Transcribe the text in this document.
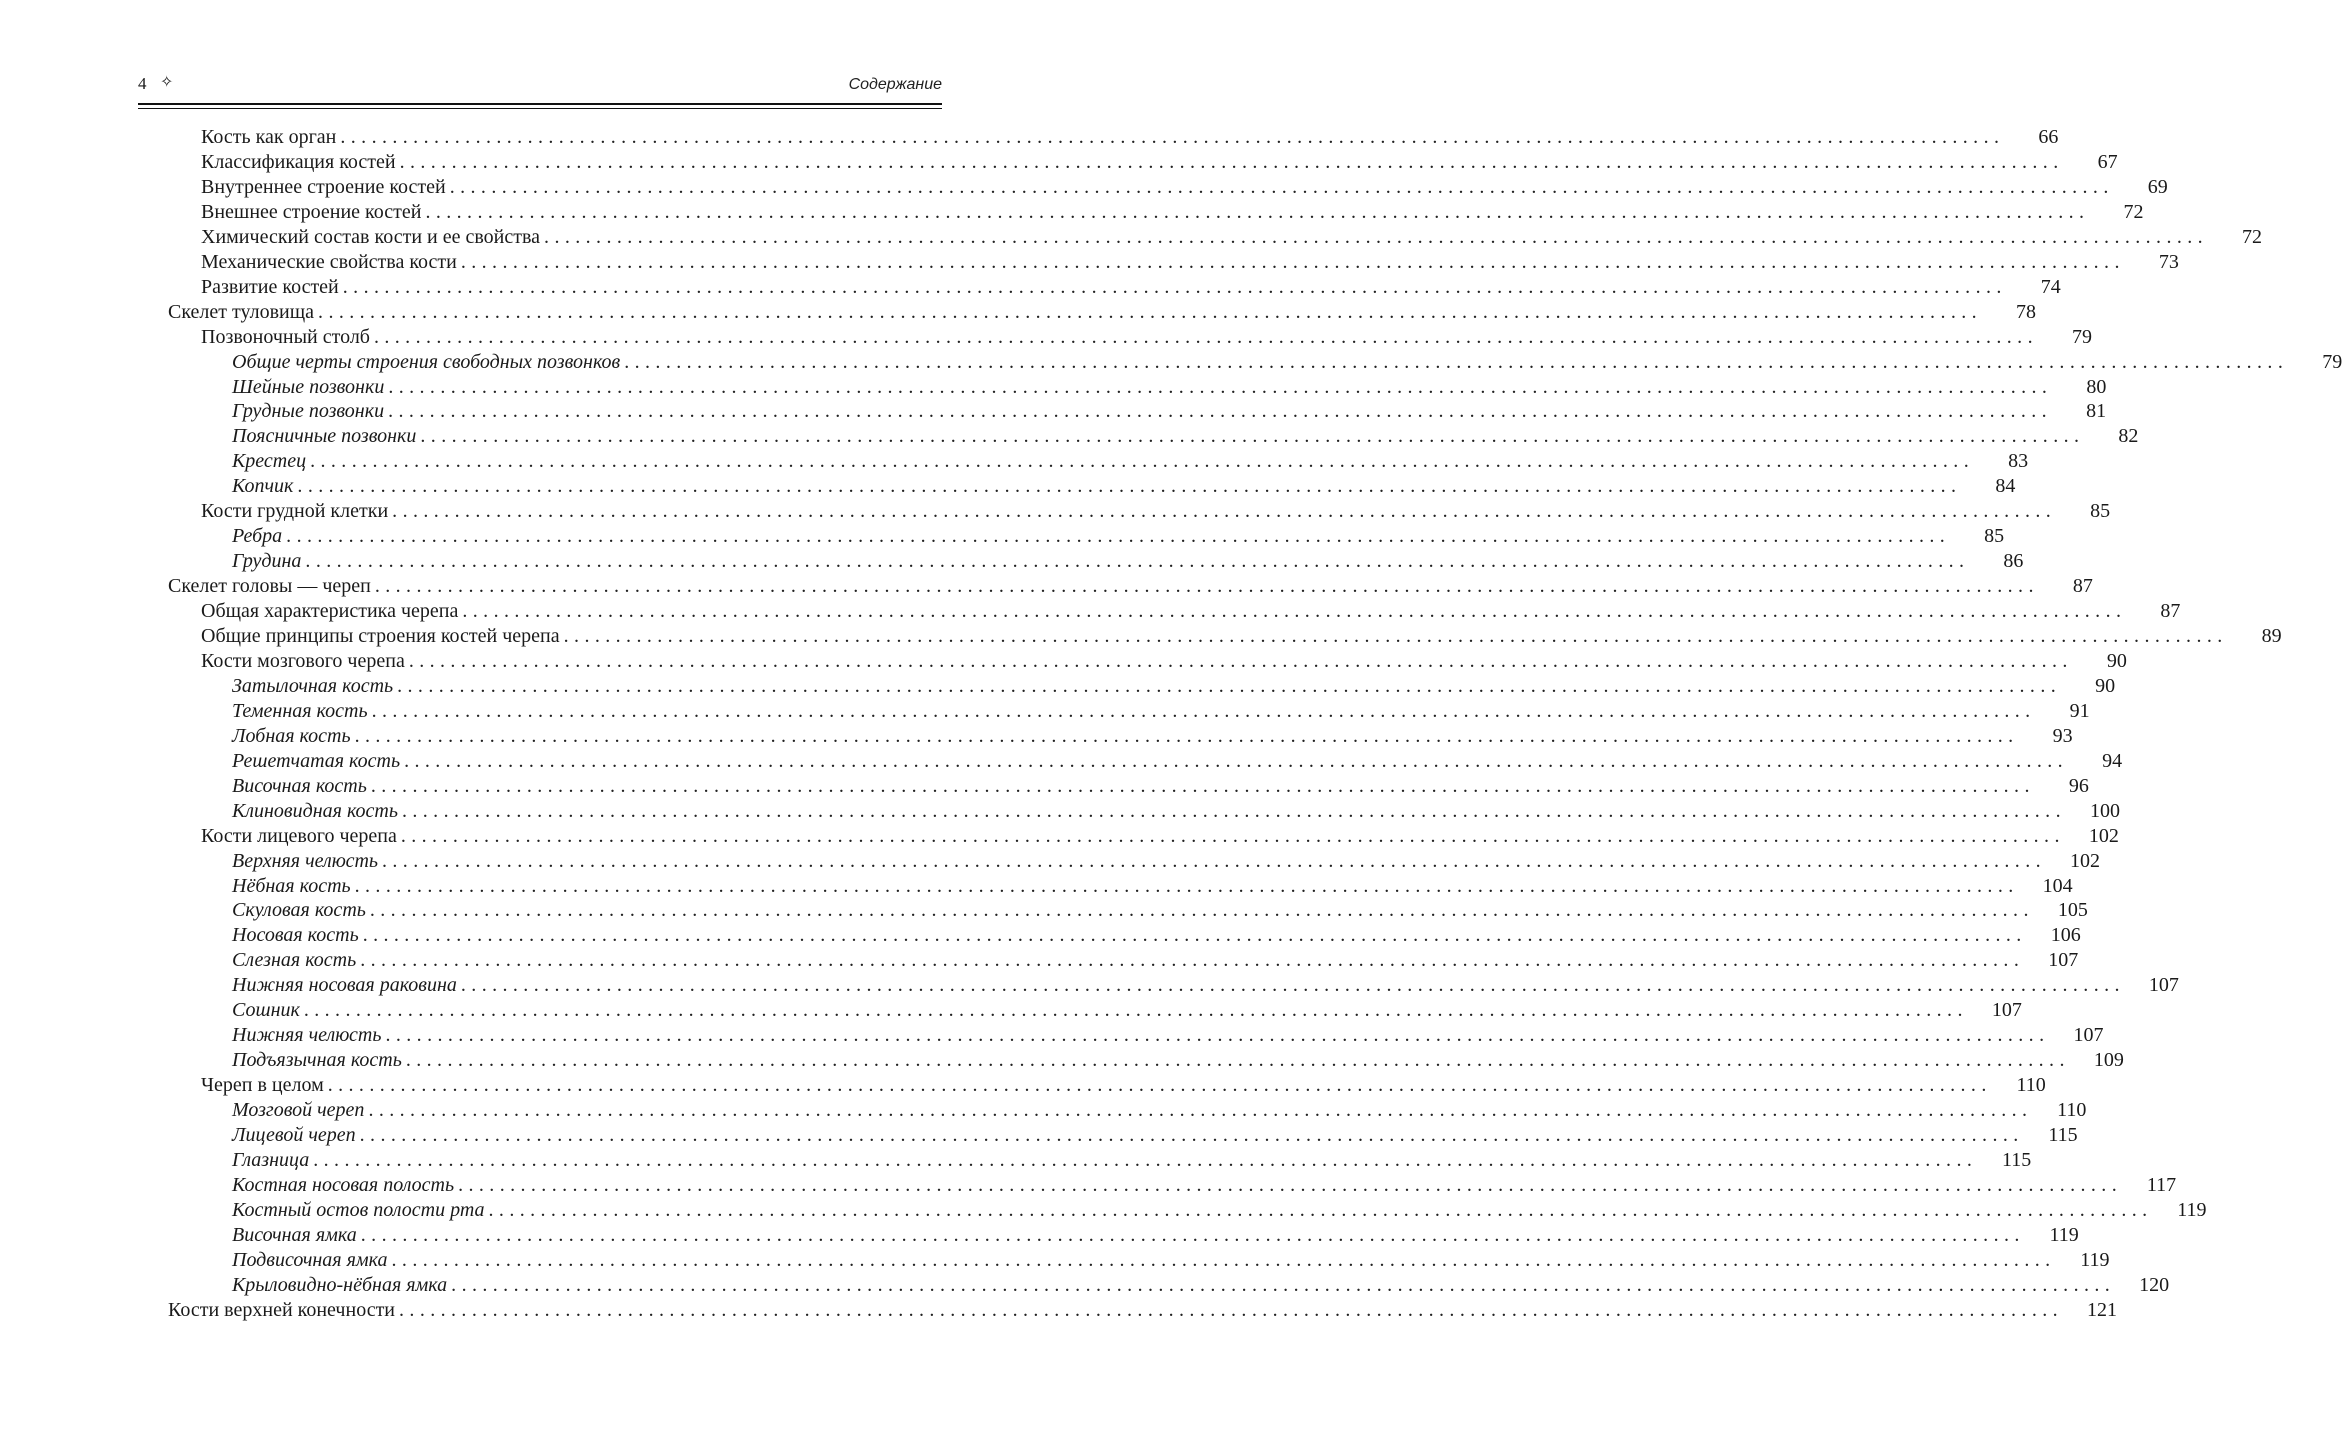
4 ✧	Содержание
Кость как орган ................................................................................................................................................................	66
Классификация костей ................................................................................................................................................................	67
Внутреннее строение костей ................................................................................................................................................................	69
Внешнее строение костей ................................................................................................................................................................	72
Химический состав кости и ее свойства ................................................................................................................................................................	72
Механические свойства кости ................................................................................................................................................................	73
Развитие костей ................................................................................................................................................................	74
Скелет туловища ................................................................................................................................................................	78
Позвоночный столб ................................................................................................................................................................	79
Общие черты строения свободных позвонков ................................................................................................................................................................	79
Шейные позвонки ................................................................................................................................................................	80
Грудные позвонки ................................................................................................................................................................	81
Поясничные позвонки ................................................................................................................................................................	82
Крестец ................................................................................................................................................................	83
Копчик ................................................................................................................................................................	84
Кости грудной клетки ................................................................................................................................................................	85
Ребра ................................................................................................................................................................	85
Грудина ................................................................................................................................................................	86
Скелет головы — череп ................................................................................................................................................................	87
Общая характеристика черепа ................................................................................................................................................................	87
Общие принципы строения костей черепа ................................................................................................................................................................	89
Кости мозгового черепа ................................................................................................................................................................	90
Затылочная кость ................................................................................................................................................................	90
Теменная кость ................................................................................................................................................................	91
Лобная кость ................................................................................................................................................................	93
Решетчатая кость ................................................................................................................................................................	94
Височная кость ................................................................................................................................................................	96
Клиновидная кость ................................................................................................................................................................	100
Кости лицевого черепа ................................................................................................................................................................	102
Верхняя челюсть ................................................................................................................................................................	102
Нёбная кость ................................................................................................................................................................	104
Скуловая кость ................................................................................................................................................................	105
Носовая кость ................................................................................................................................................................	106
Слезная кость ................................................................................................................................................................	107
Нижняя носовая раковина ................................................................................................................................................................	107
Сошник ................................................................................................................................................................	107
Нижняя челюсть ................................................................................................................................................................	107
Подъязычная кость ................................................................................................................................................................	109
Череп в целом ................................................................................................................................................................	110
Мозговой череп ................................................................................................................................................................	110
Лицевой череп ................................................................................................................................................................	115
Глазница ................................................................................................................................................................	115
Костная носовая полость ................................................................................................................................................................	117
Костный остов полости рта ................................................................................................................................................................	119
Височная ямка ................................................................................................................................................................	119
Подвисочная ямка ................................................................................................................................................................	119
Крыловидно-нёбная ямка ................................................................................................................................................................	120
Кости верхней конечности ................................................................................................................................................................	121
